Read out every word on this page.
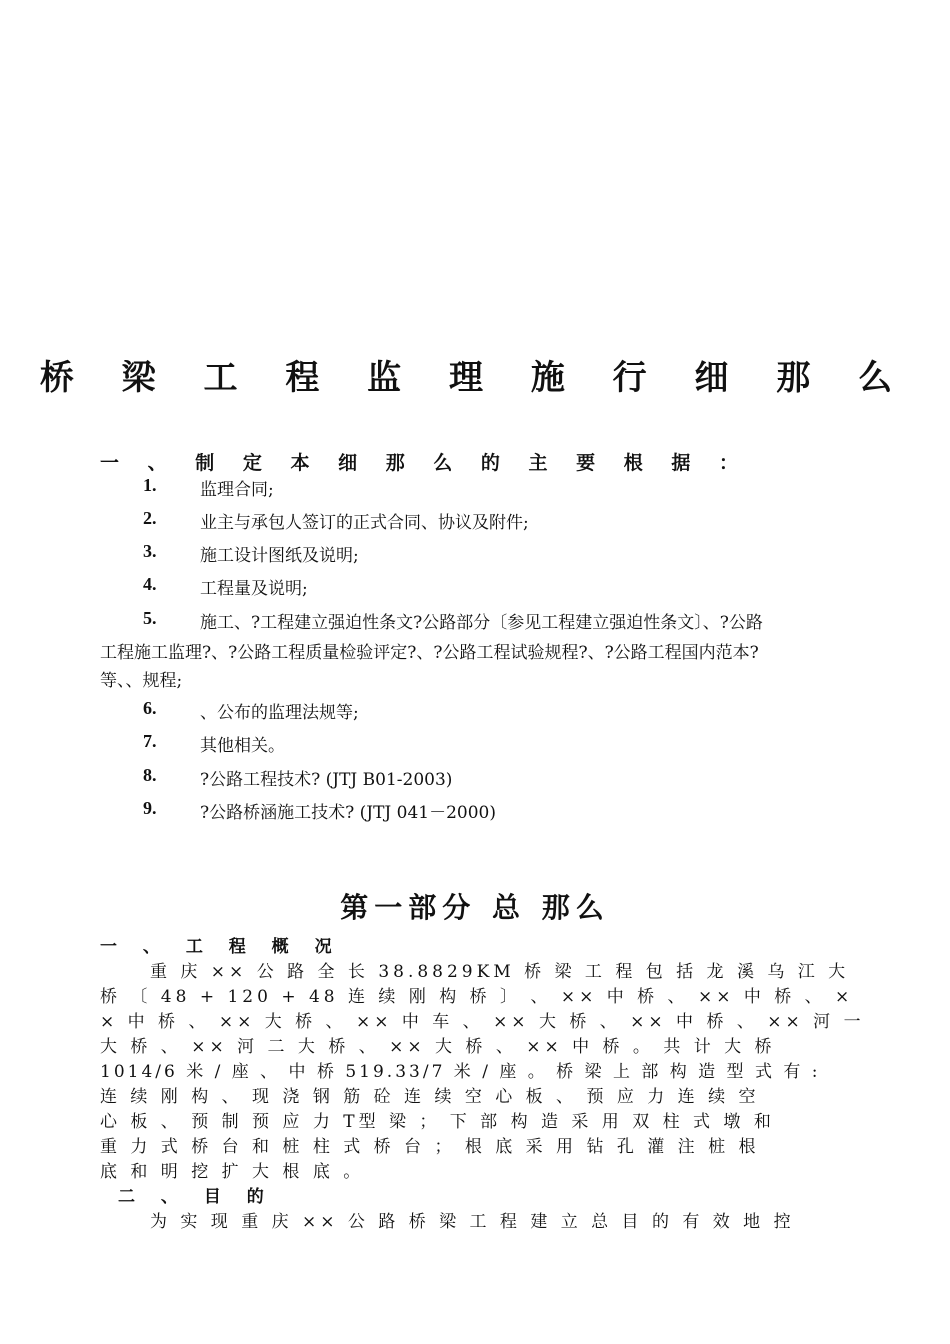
桥 梁 工 程 监 理 施 行 细 那 么
一 、 制 定 本 细 那 么 的 主 要 根 据 ：
1.	监理合同;
2.	业主与承包人签订的正式合同、协议及附件;
3.	施工设计图纸及说明;
4.	工程量及说明;
5.	施工、?工程建立强迫性条文?公路部分〔参见工程建立强迫性条文〕、?公路
工程施工监理?、?公路工程质量检验评定?、?公路工程试验规程?、?公路工程国内范本?
等、、规程;
6.	、公布的监理法规等;
7.	其他相关。
8.	?公路工程技术? (JTJ B01-2003)
9.	?公路桥涵施工技术? (JTJ 041－2000)
第一部分 总 那么
一 、 工 程 概 况
重 庆 ×× 公 路 全 长 38.8829KM 桥 梁 工 程 包 括 龙 溪 乌 江 大
桥 〔 48 + 120 + 48 连 续 刚 构 桥 〕 、 ×× 中 桥 、 ×× 中 桥 、 ×
× 中 桥 、 ×× 大 桥 、 ×× 中 车 、 ×× 大 桥 、 ×× 中 桥 、 ×× 河 一
大 桥 、 ×× 河 二 大 桥 、 ×× 大 桥 、 ×× 中 桥 。 共 计 大 桥
1014/6 米 / 座 、 中 桥 519.33/7 米 / 座 。 桥 梁 上 部 构 造 型 式 有 :
连 续 刚 构 、 现 浇 钢 筋 砼 连 续 空 心 板 、 预 应 力 连 续 空
心 板 、 预 制 预 应 力 T型 梁 ； 下 部 构 造 采 用 双 柱 式 墩 和
重 力 式 桥 台 和 桩 柱 式 桥 台 ； 根 底 采 用 钻 孔 灌 注 桩 根
底 和 明 挖 扩 大 根 底 。
二 、 目 的
为 实 现 重 庆 ×× 公 路 桥 梁 工 程 建 立 总 目 的 有 效 地 控
